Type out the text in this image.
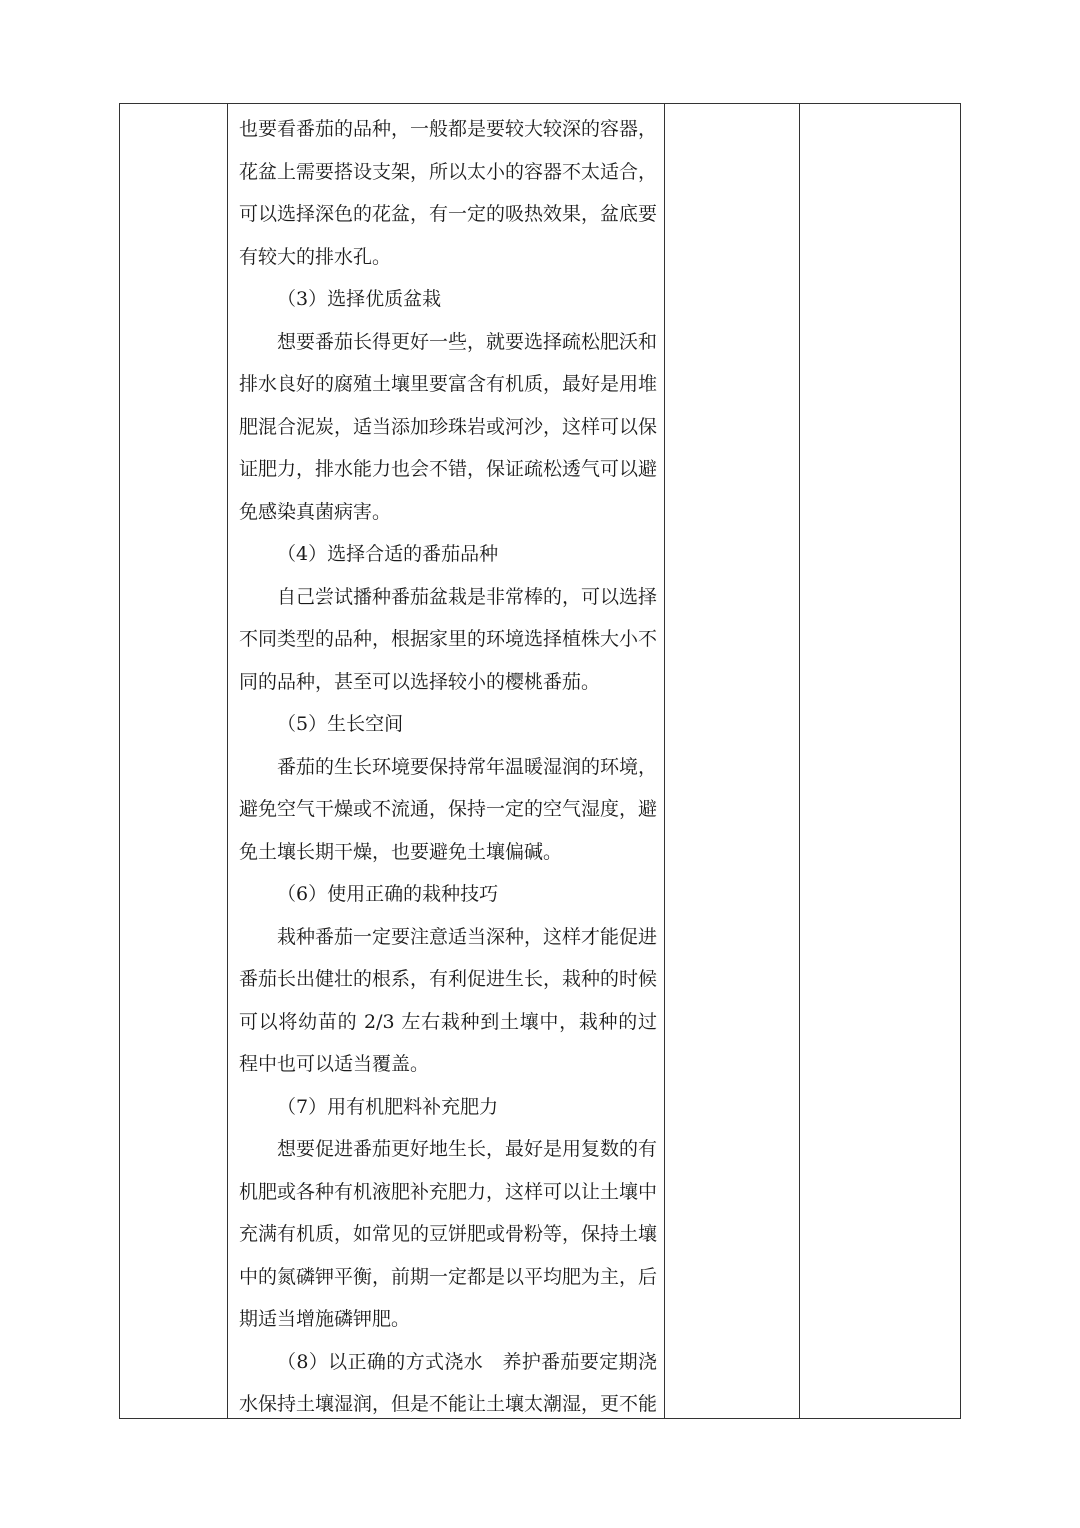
也要看番茄的品种，一般都是要较大较深的容器，花盆上需要搭设支架，所以太小的容器不太适合，可以选择深色的花盆，有一定的吸热效果，盆底要有较大的排水孔。

（3）选择优质盆栽

想要番茄长得更好一些，就要选择疏松肥沃和排水良好的腐殖土壤里要富含有机质，最好是用堆肥混合泥炭，适当添加珍珠岩或河沙，这样可以保证肥力，排水能力也会不错，保证疏松透气可以避免感染真菌病害。

（4）选择合适的番茄品种

自己尝试播种番茄盆栽是非常棒的，可以选择不同类型的品种，根据家里的环境选择植株大小不同的品种，甚至可以选择较小的樱桃番茄。

（5）生长空间

番茄的生长环境要保持常年温暖湿润的环境，避免空气干燥或不流通，保持一定的空气湿度，避免土壤长期干燥，也要避免土壤偏碱。

（6）使用正确的栽种技巧

栽种番茄一定要注意适当深种，这样才能促进番茄长出健壮的根系，有利促进生长，栽种的时候可以将幼苗的 2/3 左右栽种到土壤中，栽种的过程中也可以适当覆盖。

（7）用有机肥料补充肥力

想要促进番茄更好地生长，最好是用复数的有机肥或各种有机液肥补充肥力，这样可以让土壤中充满有机质，如常见的豆饼肥或骨粉等，保持土壤中的氮磷钾平衡，前期一定都是以平均肥为主，后期适当增施磷钾肥。

（8）以正确的方式浇水　养护番茄要定期浇水保持土壤湿润，但是不能让土壤太潮湿，更不能
